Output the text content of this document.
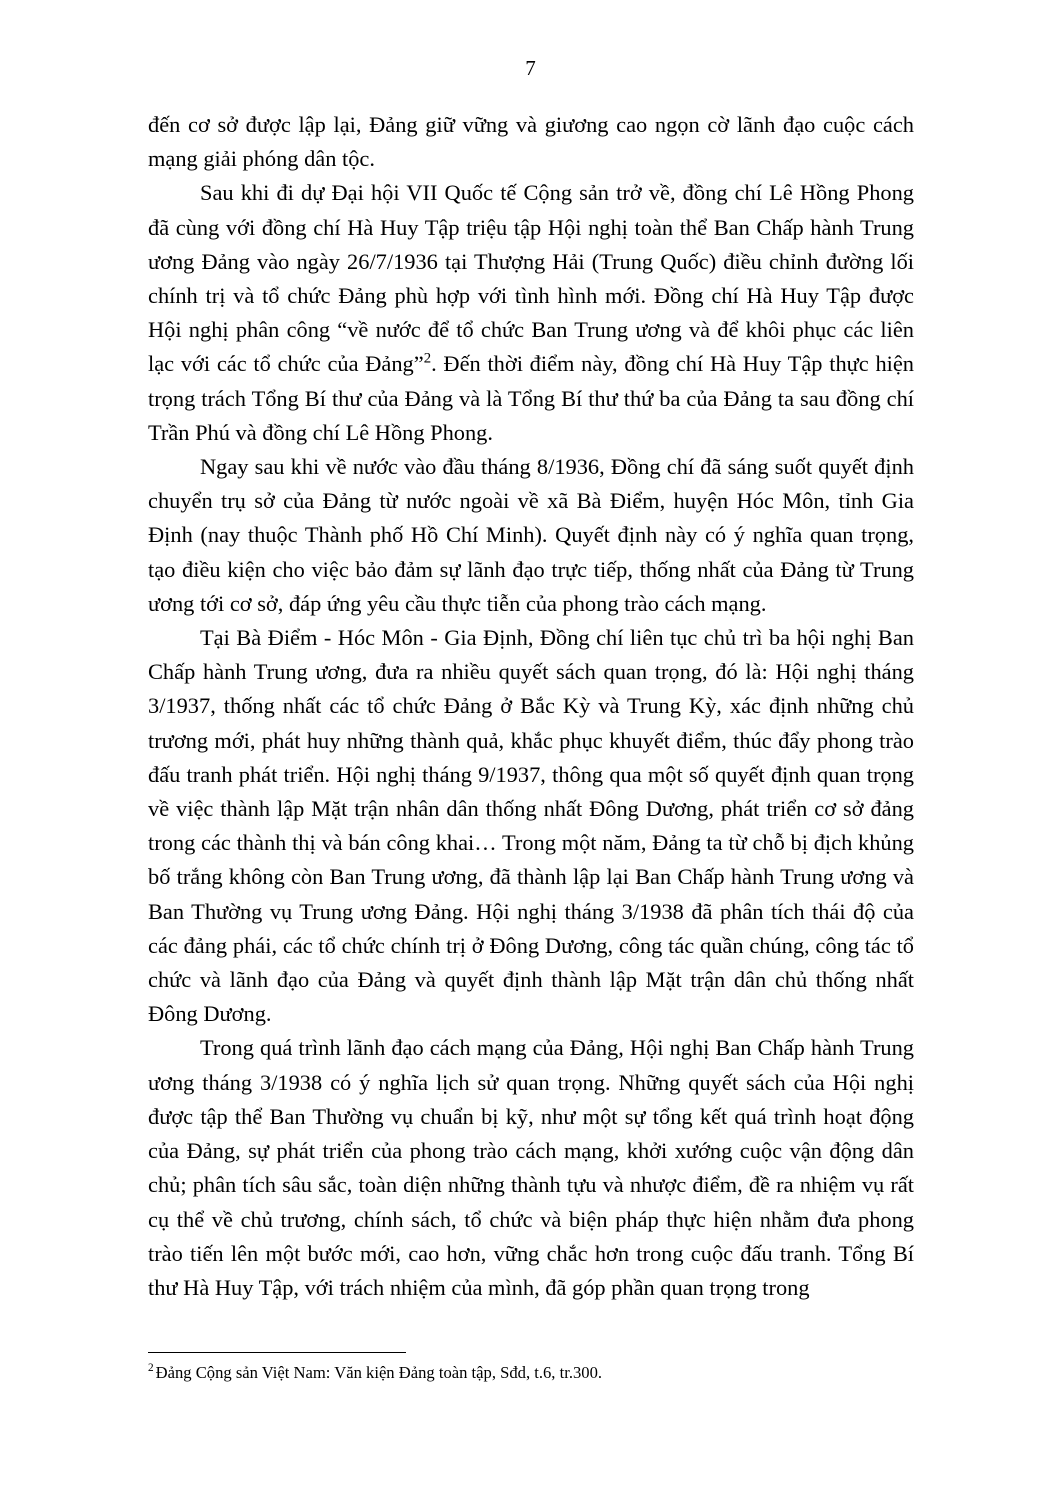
7

đến cơ sở được lập lại, Đảng giữ vững và giương cao ngọn cờ lãnh đạo cuộc cách mạng giải phóng dân tộc.

Sau khi đi dự Đại hội VII Quốc tế Cộng sản trở về, đồng chí Lê Hồng Phong đã cùng với đồng chí Hà Huy Tập triệu tập Hội nghị toàn thể Ban Chấp hành Trung ương Đảng vào ngày 26/7/1936 tại Thượng Hải (Trung Quốc) điều chỉnh đường lối chính trị và tổ chức Đảng phù hợp với tình hình mới. Đồng chí Hà Huy Tập được Hội nghị phân công “về nước để tổ chức Ban Trung ương và để khôi phục các liên lạc với các tổ chức của Đảng”$^2$. Đến thời điểm này, đồng chí Hà Huy Tập thực hiện trọng trách Tổng Bí thư của Đảng và là Tổng Bí thư thứ ba của Đảng ta sau đồng chí Trần Phú và đồng chí Lê Hồng Phong.

Ngay sau khi về nước vào đầu tháng 8/1936, Đồng chí đã sáng suốt quyết định chuyển trụ sở của Đảng từ nước ngoài về xã Bà Điểm, huyện Hóc Môn, tỉnh Gia Định (nay thuộc Thành phố Hồ Chí Minh). Quyết định này có ý nghĩa quan trọng, tạo điều kiện cho việc bảo đảm sự lãnh đạo trực tiếp, thống nhất của Đảng từ Trung ương tới cơ sở, đáp ứng yêu cầu thực tiễn của phong trào cách mạng.

Tại Bà Điểm - Hóc Môn - Gia Định, Đồng chí liên tục chủ trì ba hội nghị Ban Chấp hành Trung ương, đưa ra nhiều quyết sách quan trọng, đó là: Hội nghị tháng 3/1937, thống nhất các tổ chức Đảng ở Bắc Kỳ và Trung Kỳ, xác định những chủ trương mới, phát huy những thành quả, khắc phục khuyết điểm, thúc đẩy phong trào đấu tranh phát triển. Hội nghị tháng 9/1937, thông qua một số quyết định quan trọng về việc thành lập Mặt trận nhân dân thống nhất Đông Dương, phát triển cơ sở đảng trong các thành thị và bán công khai… Trong một năm, Đảng ta từ chỗ bị địch khủng bố trắng không còn Ban Trung ương, đã thành lập lại Ban Chấp hành Trung ương và Ban Thường vụ Trung ương Đảng. Hội nghị tháng 3/1938 đã phân tích thái độ của các đảng phái, các tổ chức chính trị ở Đông Dương, công tác quần chúng, công tác tổ chức và lãnh đạo của Đảng và quyết định thành lập Mặt trận dân chủ thống nhất Đông Dương.

Trong quá trình lãnh đạo cách mạng của Đảng, Hội nghị Ban Chấp hành Trung ương tháng 3/1938 có ý nghĩa lịch sử quan trọng. Những quyết sách của Hội nghị được tập thể Ban Thường vụ chuẩn bị kỹ, như một sự tổng kết quá trình hoạt động của Đảng, sự phát triển của phong trào cách mạng, khởi xướng cuộc vận động dân chủ; phân tích sâu sắc, toàn diện những thành tựu và nhược điểm, đề ra nhiệm vụ rất cụ thể về chủ trương, chính sách, tổ chức và biện pháp thực hiện nhằm đưa phong trào tiến lên một bước mới, cao hơn, vững chắc hơn trong cuộc đấu tranh. Tổng Bí thư Hà Huy Tập, với trách nhiệm của mình, đã góp phần quan trọng trong

$^2$ Đảng Cộng sản Việt Nam: Văn kiện Đảng toàn tập, Sđd, t.6, tr.300.
